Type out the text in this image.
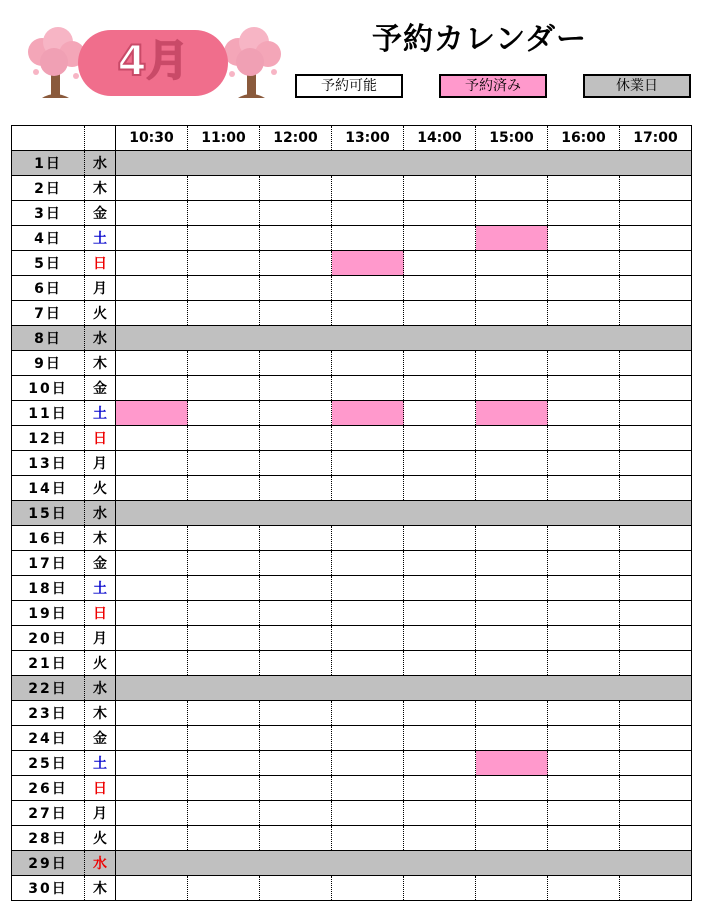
4月	予約カレンダー
予約可能	予約済み	休業日
		10:30	11:00	12:00	13:00	14:00	15:00	16:00	17:00
1日	水								
2日	木								
3日	金								
4日	土								
5日	日								
6日	月								
7日	火								
8日	水								
9日	木								
10日	金								
11日	土								
12日	日								
13日	月								
14日	火								
15日	水								
16日	木								
17日	金								
18日	土								
19日	日								
20日	月								
21日	火								
22日	水								
23日	木								
24日	金								
25日	土								
26日	日								
27日	月								
28日	火								
29日	水								
30日	木								
